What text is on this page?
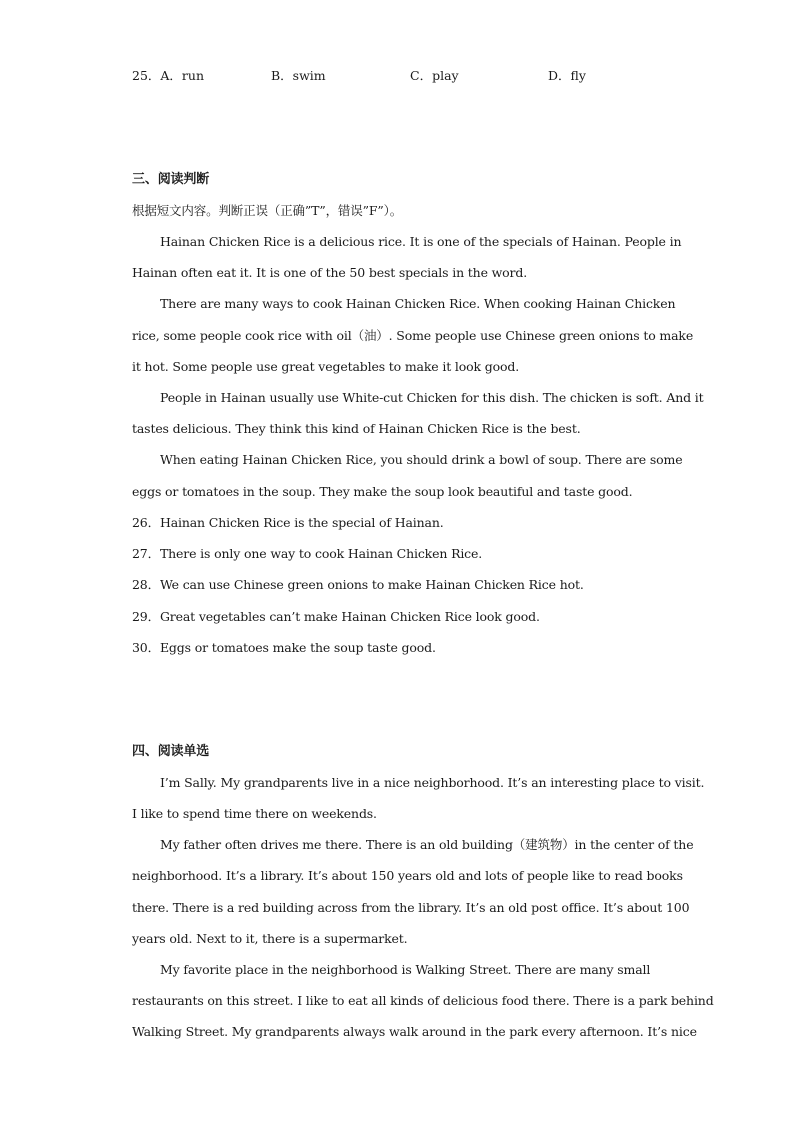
25．A．run	B．swim	C．play	D．fly
三、阅读判断
根据短文内容。判断正误（正确”T”，错误”F”）。
Hainan Chicken Rice is a delicious rice. It is one of the specials of Hainan. People in
Hainan often eat it. It is one of the 50 best specials in the word.
There are many ways to cook Hainan Chicken Rice. When cooking Hainan Chicken
rice, some people cook rice with oil（油）. Some people use Chinese green onions to make
it hot. Some people use great vegetables to make it look good.
People in Hainan usually use White-cut Chicken for this dish. The chicken is soft. And it
tastes delicious. They think this kind of Hainan Chicken Rice is the best.
When eating Hainan Chicken Rice, you should drink a bowl of soup. There are some
eggs or tomatoes in the soup. They make the soup look beautiful and taste good.
26．Hainan Chicken Rice is the special of Hainan.
27．There is only one way to cook Hainan Chicken Rice.
28．We can use Chinese green onions to make Hainan Chicken Rice hot.
29．Great vegetables can’t make Hainan Chicken Rice look good.
30．Eggs or tomatoes make the soup taste good.
四、阅读单选
I’m Sally. My grandparents live in a nice neighborhood. It’s an interesting place to visit.
I like to spend time there on weekends.
My father often drives me there. There is an old building（建筑物）in the center of the
neighborhood. It’s a library. It’s about 150 years old and lots of people like to read books
there. There is a red building across from the library. It’s an old post office. It’s about 100
years old. Next to it, there is a supermarket.
My favorite place in the neighborhood is Walking Street. There are many small
restaurants on this street. I like to eat all kinds of delicious food there. There is a park behind
Walking Street. My grandparents always walk around in the park every afternoon. It’s nice
